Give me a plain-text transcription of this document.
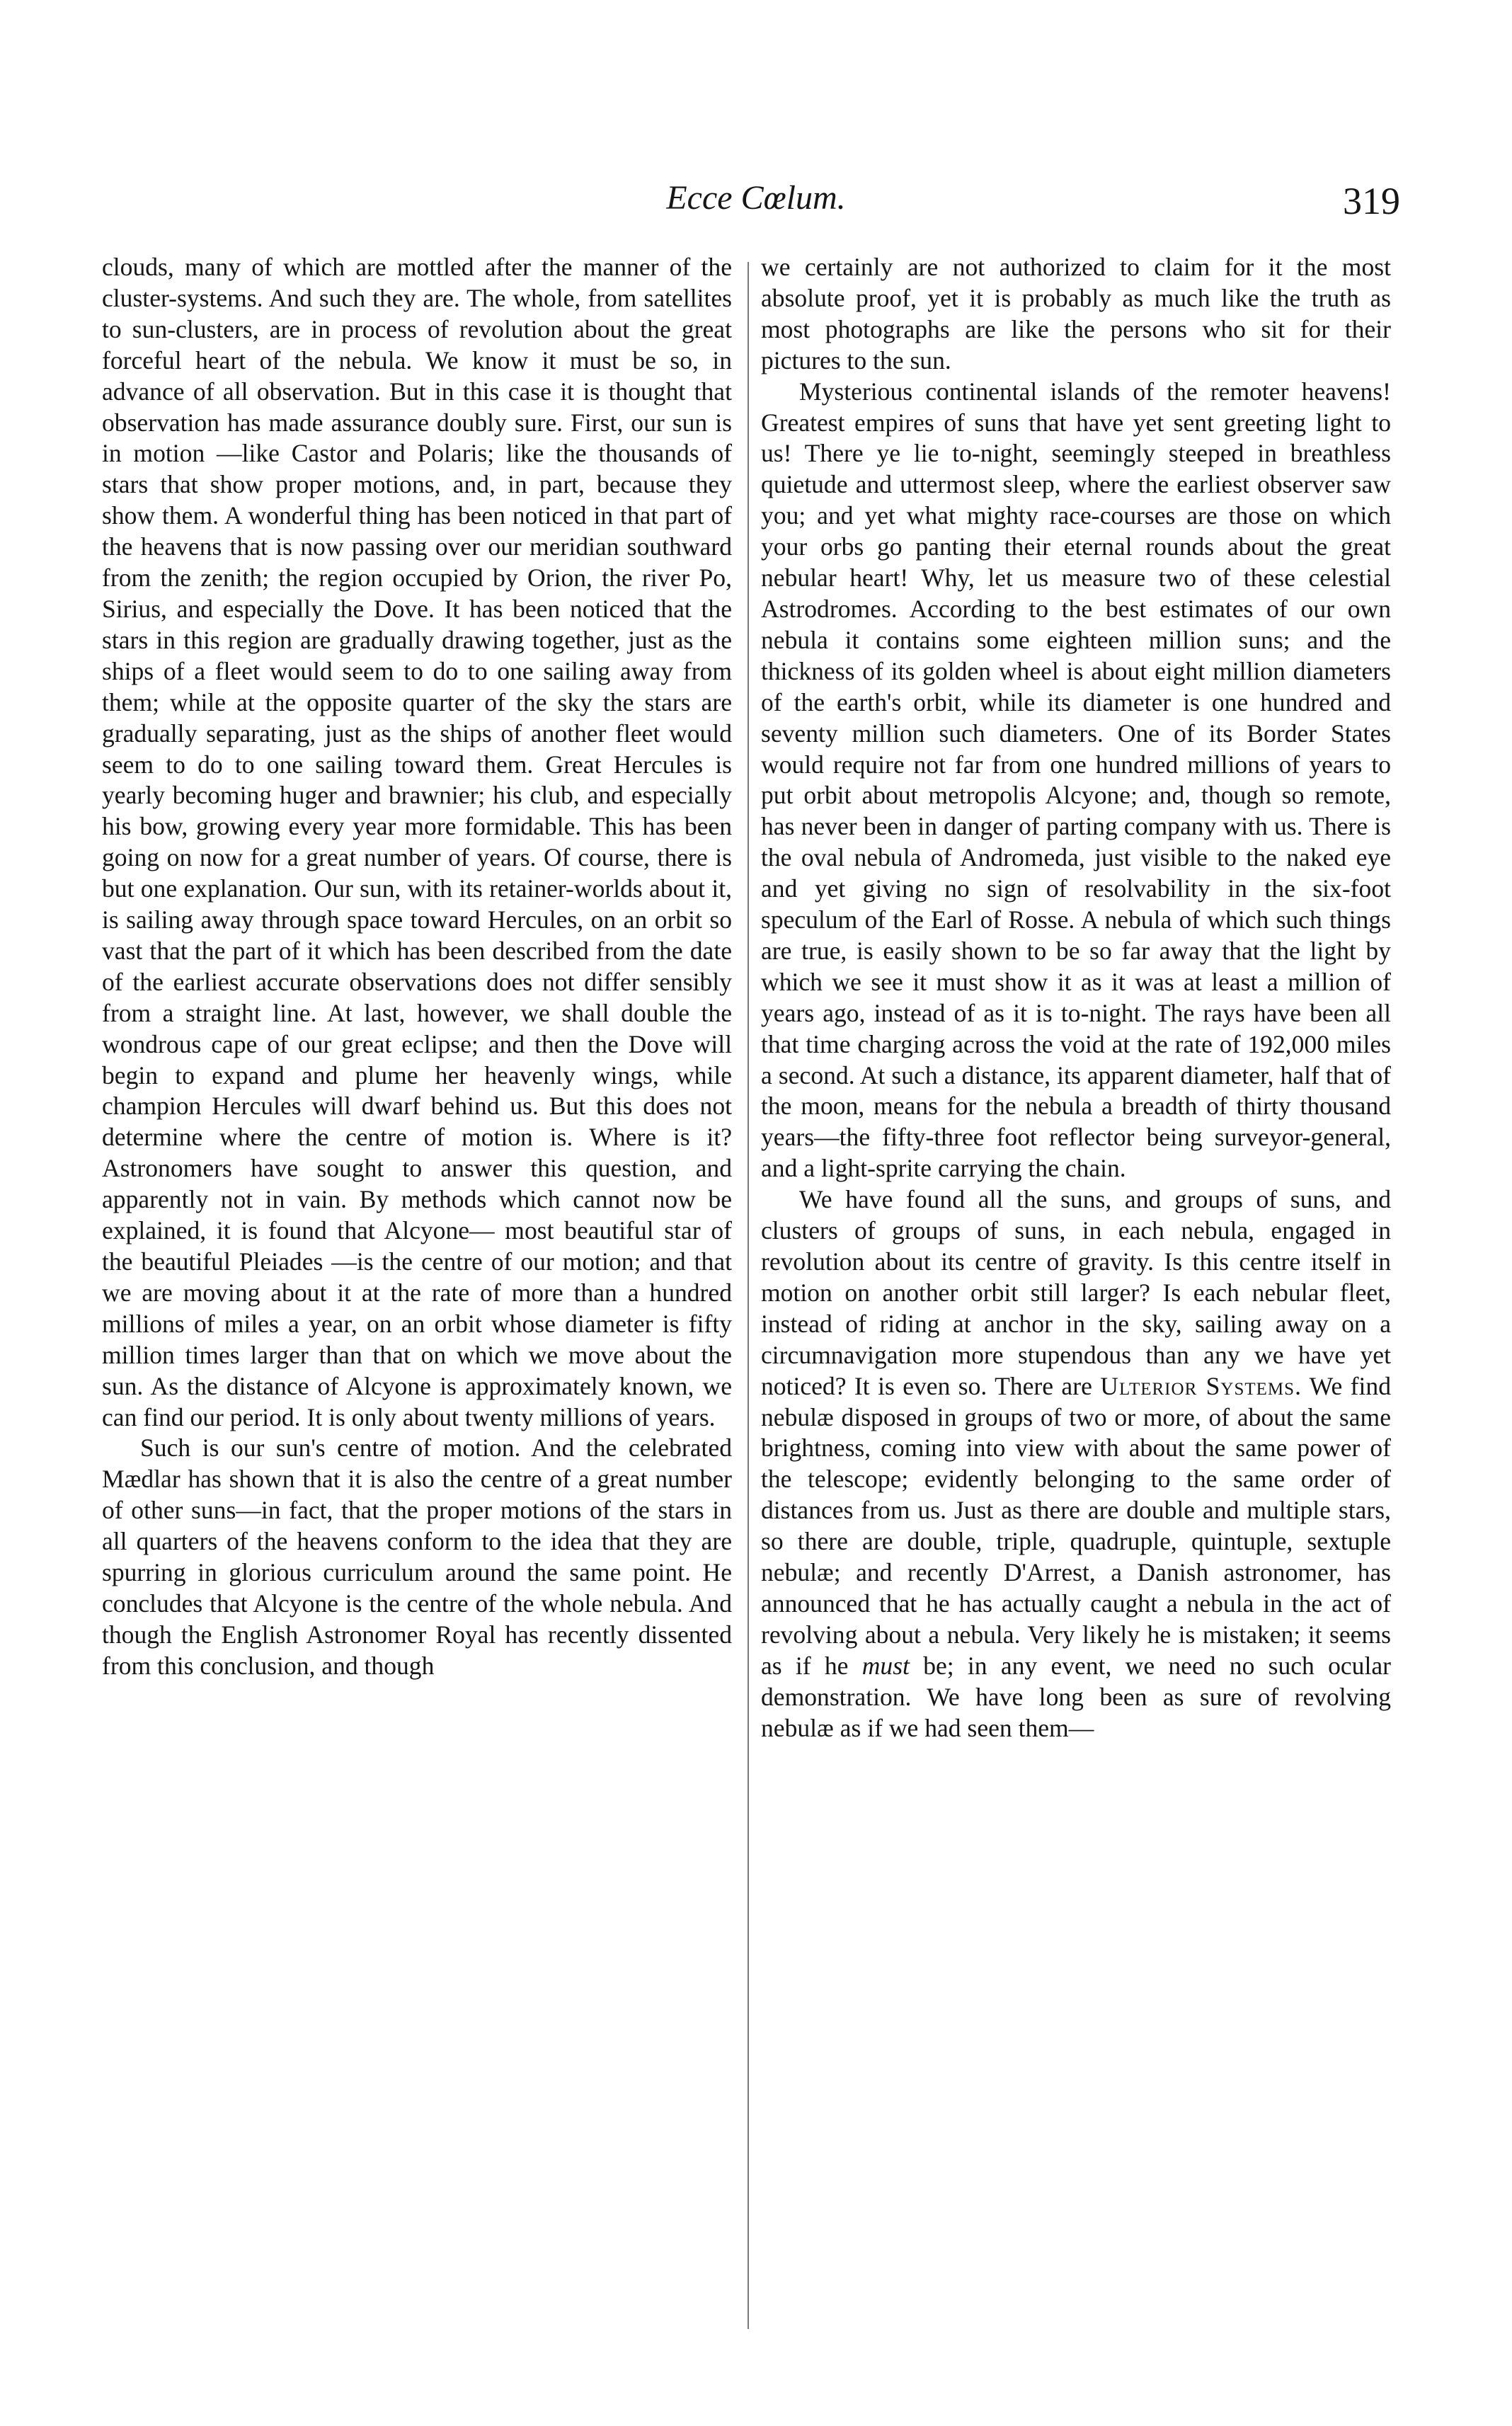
Ecce Cœlum.	319

clouds, many of which are mottled after the manner of the cluster-systems. And such they are. The whole, from satellites to sun-clusters, are in process of revolution about the great forceful heart of the nebula. We know it must be so, in advance of all observation. But in this case it is thought that observation has made assurance doubly sure. First, our sun is in motion —like Castor and Polaris; like the thousands of stars that show proper motions, and, in part, because they show them. A wonderful thing has been noticed in that part of the heavens that is now passing over our meridian southward from the zenith; the region occupied by Orion, the river Po, Sirius, and especially the Dove. It has been noticed that the stars in this region are gradually drawing together, just as the ships of a fleet would seem to do to one sailing away from them; while at the opposite quarter of the sky the stars are gradually separating, just as the ships of another fleet would seem to do to one sailing toward them. Great Hercules is yearly becoming huger and brawnier; his club, and especially his bow, growing every year more formidable. This has been going on now for a great number of years. Of course, there is but one explanation. Our sun, with its retainer-worlds about it, is sailing away through space toward Hercules, on an orbit so vast that the part of it which has been described from the date of the earliest accurate observations does not differ sensibly from a straight line. At last, however, we shall double the wondrous cape of our great eclipse; and then the Dove will begin to expand and plume her heavenly wings, while champion Hercules will dwarf behind us. But this does not determine where the centre of motion is. Where is it? Astronomers have sought to answer this question, and apparently not in vain. By methods which cannot now be explained, it is found that Alcyone— most beautiful star of the beautiful Pleiades —is the centre of our motion; and that we are moving about it at the rate of more than a hundred millions of miles a year, on an orbit whose diameter is fifty million times larger than that on which we move about the sun. As the distance of Alcyone is approximately known, we can find our period. It is only about twenty millions of years.

Such is our sun's centre of motion. And the celebrated Mædlar has shown that it is also the centre of a great number of other suns—in fact, that the proper motions of the stars in all quarters of the heavens conform to the idea that they are spurring in glorious curriculum around the same point. He concludes that Alcyone is the centre of the whole nebula. And though the English Astronomer Royal has recently dissented from this conclusion, and though

we certainly are not authorized to claim for it the most absolute proof, yet it is probably as much like the truth as most photographs are like the persons who sit for their pictures to the sun.

Mysterious continental islands of the remoter heavens! Greatest empires of suns that have yet sent greeting light to us! There ye lie to-night, seemingly steeped in breathless quietude and uttermost sleep, where the earliest observer saw you; and yet what mighty race-courses are those on which your orbs go panting their eternal rounds about the great nebular heart! Why, let us measure two of these celestial Astrodromes. According to the best estimates of our own nebula it contains some eighteen million suns; and the thickness of its golden wheel is about eight million diameters of the earth's orbit, while its diameter is one hundred and seventy million such diameters. One of its Border States would require not far from one hundred millions of years to put orbit about metropolis Alcyone; and, though so remote, has never been in danger of parting company with us. There is the oval nebula of Andromeda, just visible to the naked eye and yet giving no sign of resolvability in the six-foot speculum of the Earl of Rosse. A nebula of which such things are true, is easily shown to be so far away that the light by which we see it must show it as it was at least a million of years ago, instead of as it is to-night. The rays have been all that time charging across the void at the rate of 192,000 miles a second. At such a distance, its apparent diameter, half that of the moon, means for the nebula a breadth of thirty thousand years—the fifty-three foot reflector being surveyor-general, and a light-sprite carrying the chain.

We have found all the suns, and groups of suns, and clusters of groups of suns, in each nebula, engaged in revolution about its centre of gravity. Is this centre itself in motion on another orbit still larger? Is each nebular fleet, instead of riding at anchor in the sky, sailing away on a circumnavigation more stupendous than any we have yet noticed? It is even so. There are Ulterior Systems. We find nebulæ disposed in groups of two or more, of about the same brightness, coming into view with about the same power of the telescope; evidently belonging to the same order of distances from us. Just as there are double and multiple stars, so there are double, triple, quadruple, quintuple, sextuple nebulæ; and recently D'Arrest, a Danish astronomer, has announced that he has actually caught a nebula in the act of revolving about a nebula. Very likely he is mistaken; it seems as if he must be; in any event, we need no such ocular demonstration. We have long been as sure of revolving nebulæ as if we had seen them—
